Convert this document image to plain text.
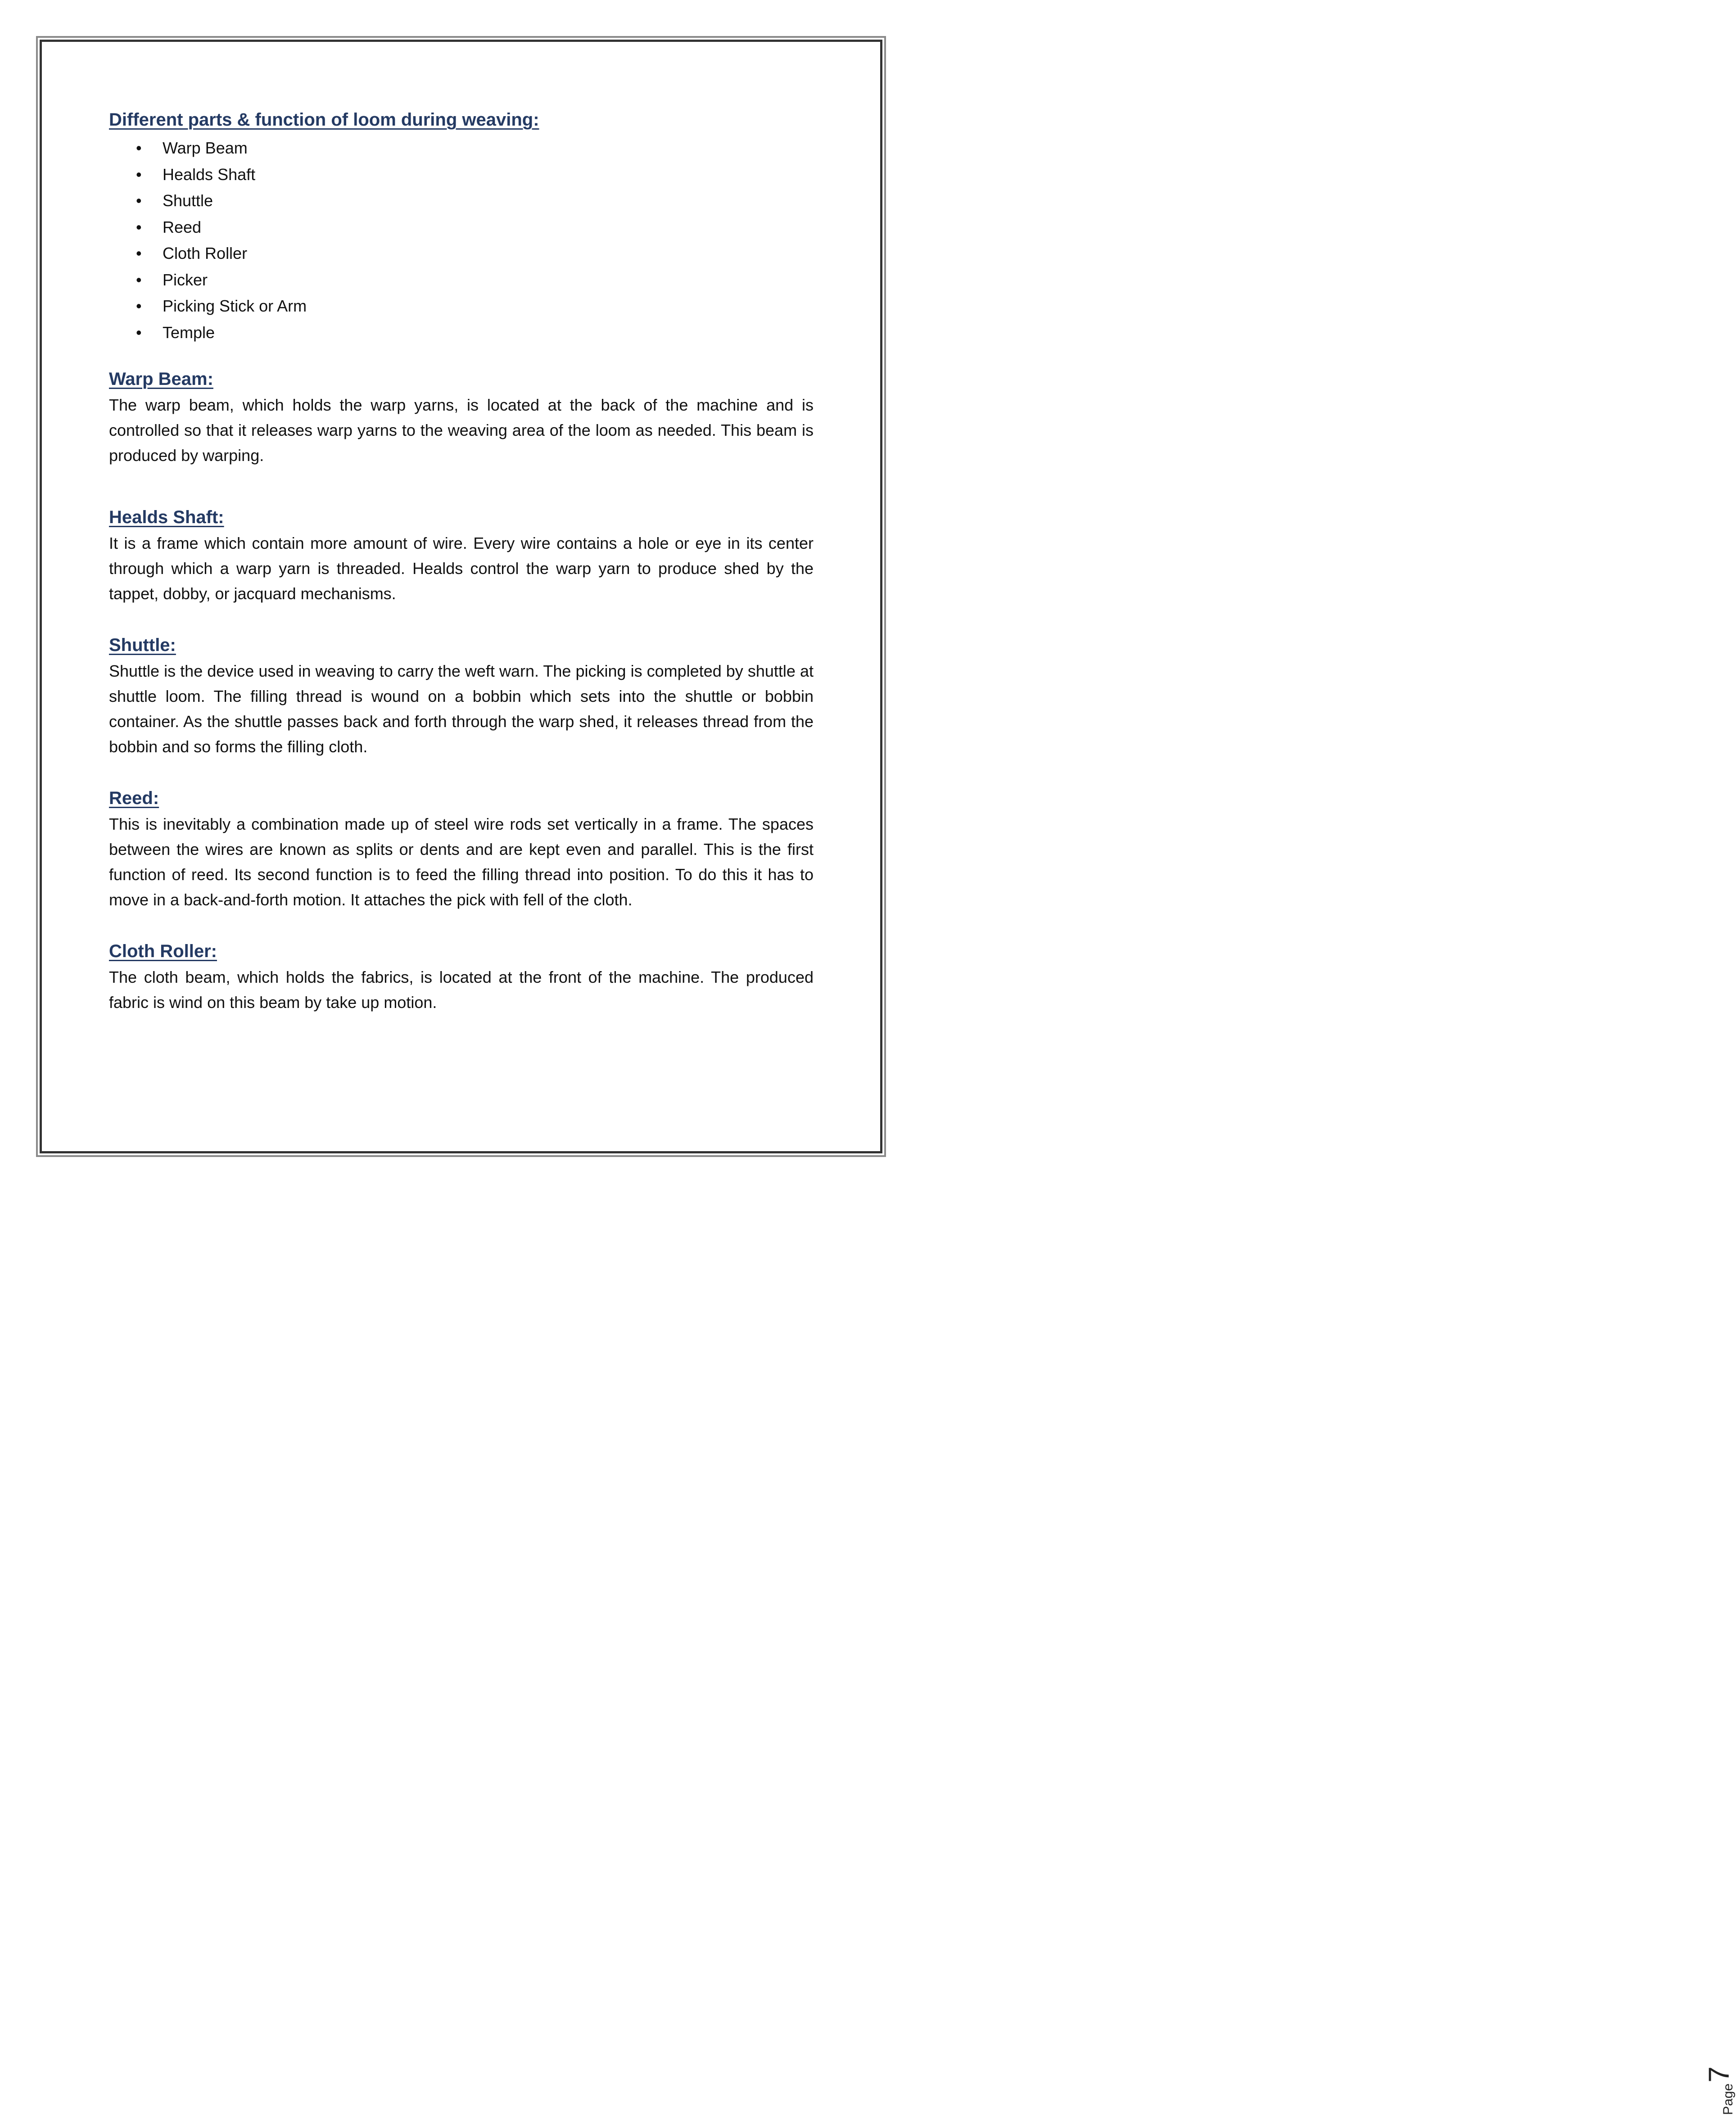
Different parts & function of loom during weaving:
• Warp Beam
• Healds Shaft
• Shuttle
• Reed
• Cloth Roller
• Picker
• Picking Stick or Arm
• Temple
Warp Beam:

The warp beam, which holds the warp yarns, is located at the back of the machine and is controlled so that it releases warp yarns to the weaving area of the loom as needed. This beam is produced by warping.

Healds Shaft:

It is a frame which contain more amount of wire. Every wire contains a hole or eye in its center through which a warp yarn is threaded. Healds control the warp yarn to produce shed by the tappet, dobby, or jacquard mechanisms.

Shuttle:

Shuttle is the device used in weaving to carry the weft warn. The picking is completed by shuttle at shuttle loom. The filling thread is wound on a bobbin which sets into the shuttle or bobbin container. As the shuttle passes back and forth through the warp shed, it releases thread from the bobbin and so forms the filling cloth.

Reed:

This is inevitably a combination made up of steel wire rods set vertically in a frame. The spaces between the wires are known as splits or dents and are kept even and parallel. This is the first function of reed. Its second function is to feed the filling thread into position. To do this it has to move in a back-and-forth motion. It attaches the pick with fell of the cloth.

Cloth Roller:

The cloth beam, which holds the fabrics, is located at the front of the machine. The produced fabric is wind on this beam by take up motion.

Page
7
